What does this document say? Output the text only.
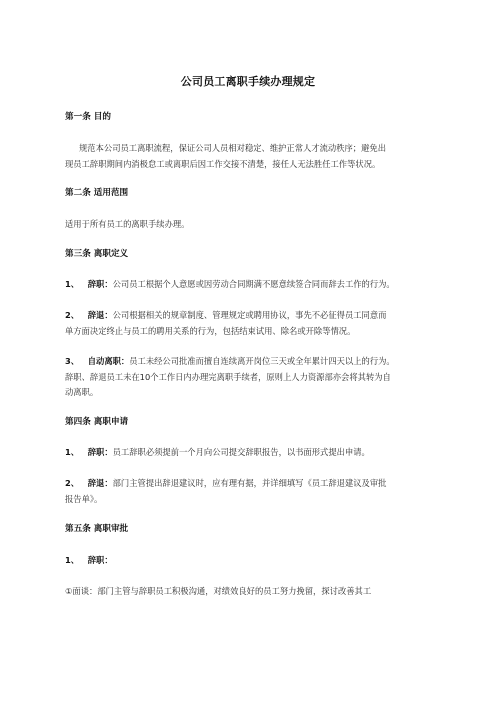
公司员工离职手续办理规定
第一条 目的
规范本公司员工离职流程，保证公司人员相对稳定、维护正常人才流动秩序；避免出
现员工辞职期间内消极怠工或离职后因工作交接不清楚，接任人无法胜任工作等状况。
第二条 适用范围
适用于所有员工的离职手续办理。
第三条 离职定义
1、 辞职：公司员工根据个人意愿或因劳动合同期满不愿意续签合同而辞去工作的行为。
2、 辞退：公司根据相关的规章制度、管理规定或聘用协议，事先不必征得员工同意而
单方面决定终止与员工的聘用关系的行为，包括结束试用、除名或开除等情况。
3、 自动离职：员工未经公司批准而擅自连续离开岗位三天或全年累计四天以上的行为。
辞职、辞退员工未在10个工作日内办理完离职手续者，原则上人力资源部亦会将其转为自
动离职。
第四条 离职申请
1、 辞职：员工辞职必须提前一个月向公司提交辞职报告，以书面形式提出申请。
2、 辞退：部门主管提出辞退建议时，应有理有据，并详细填写《员工辞退建议及审批
报告单》。
第五条 离职审批
1、 辞职：
①面谈：部门主管与辞职员工积极沟通，对绩效良好的员工努力挽留，探讨改善其工
